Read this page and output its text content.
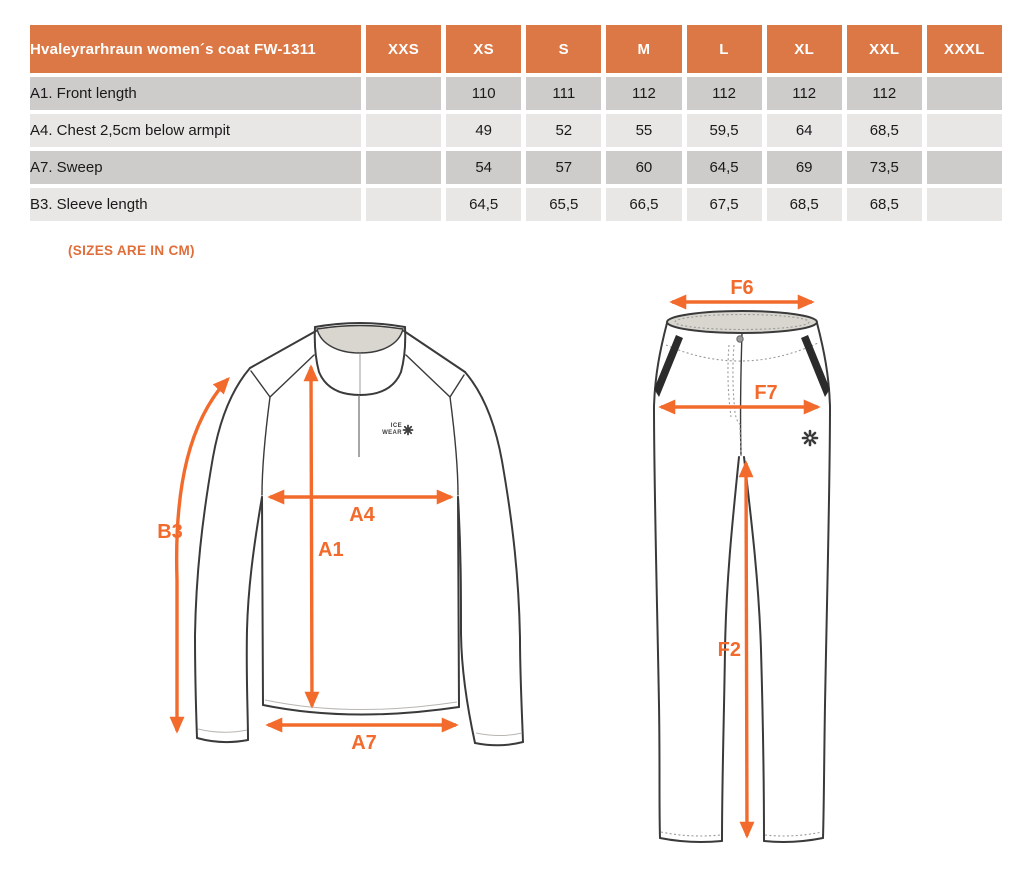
Hvaleyrarhraun women´s coat FW-1311	XXS	XS	S	M	L	XL	XXL	XXXL
A1. Front length		110	111	112	112	112	112	
A4. Chest 2,5cm below armpit		49	52	55	59,5	64	68,5	
A7. Sweep		54	57	60	64,5	69	73,5	
B3. Sleeve length		64,5	65,5	66,5	67,5	68,5	68,5	
(SIZES ARE IN CM)
ICE
WEAR
B3
A1
A4
A7
F6
F7
F2
